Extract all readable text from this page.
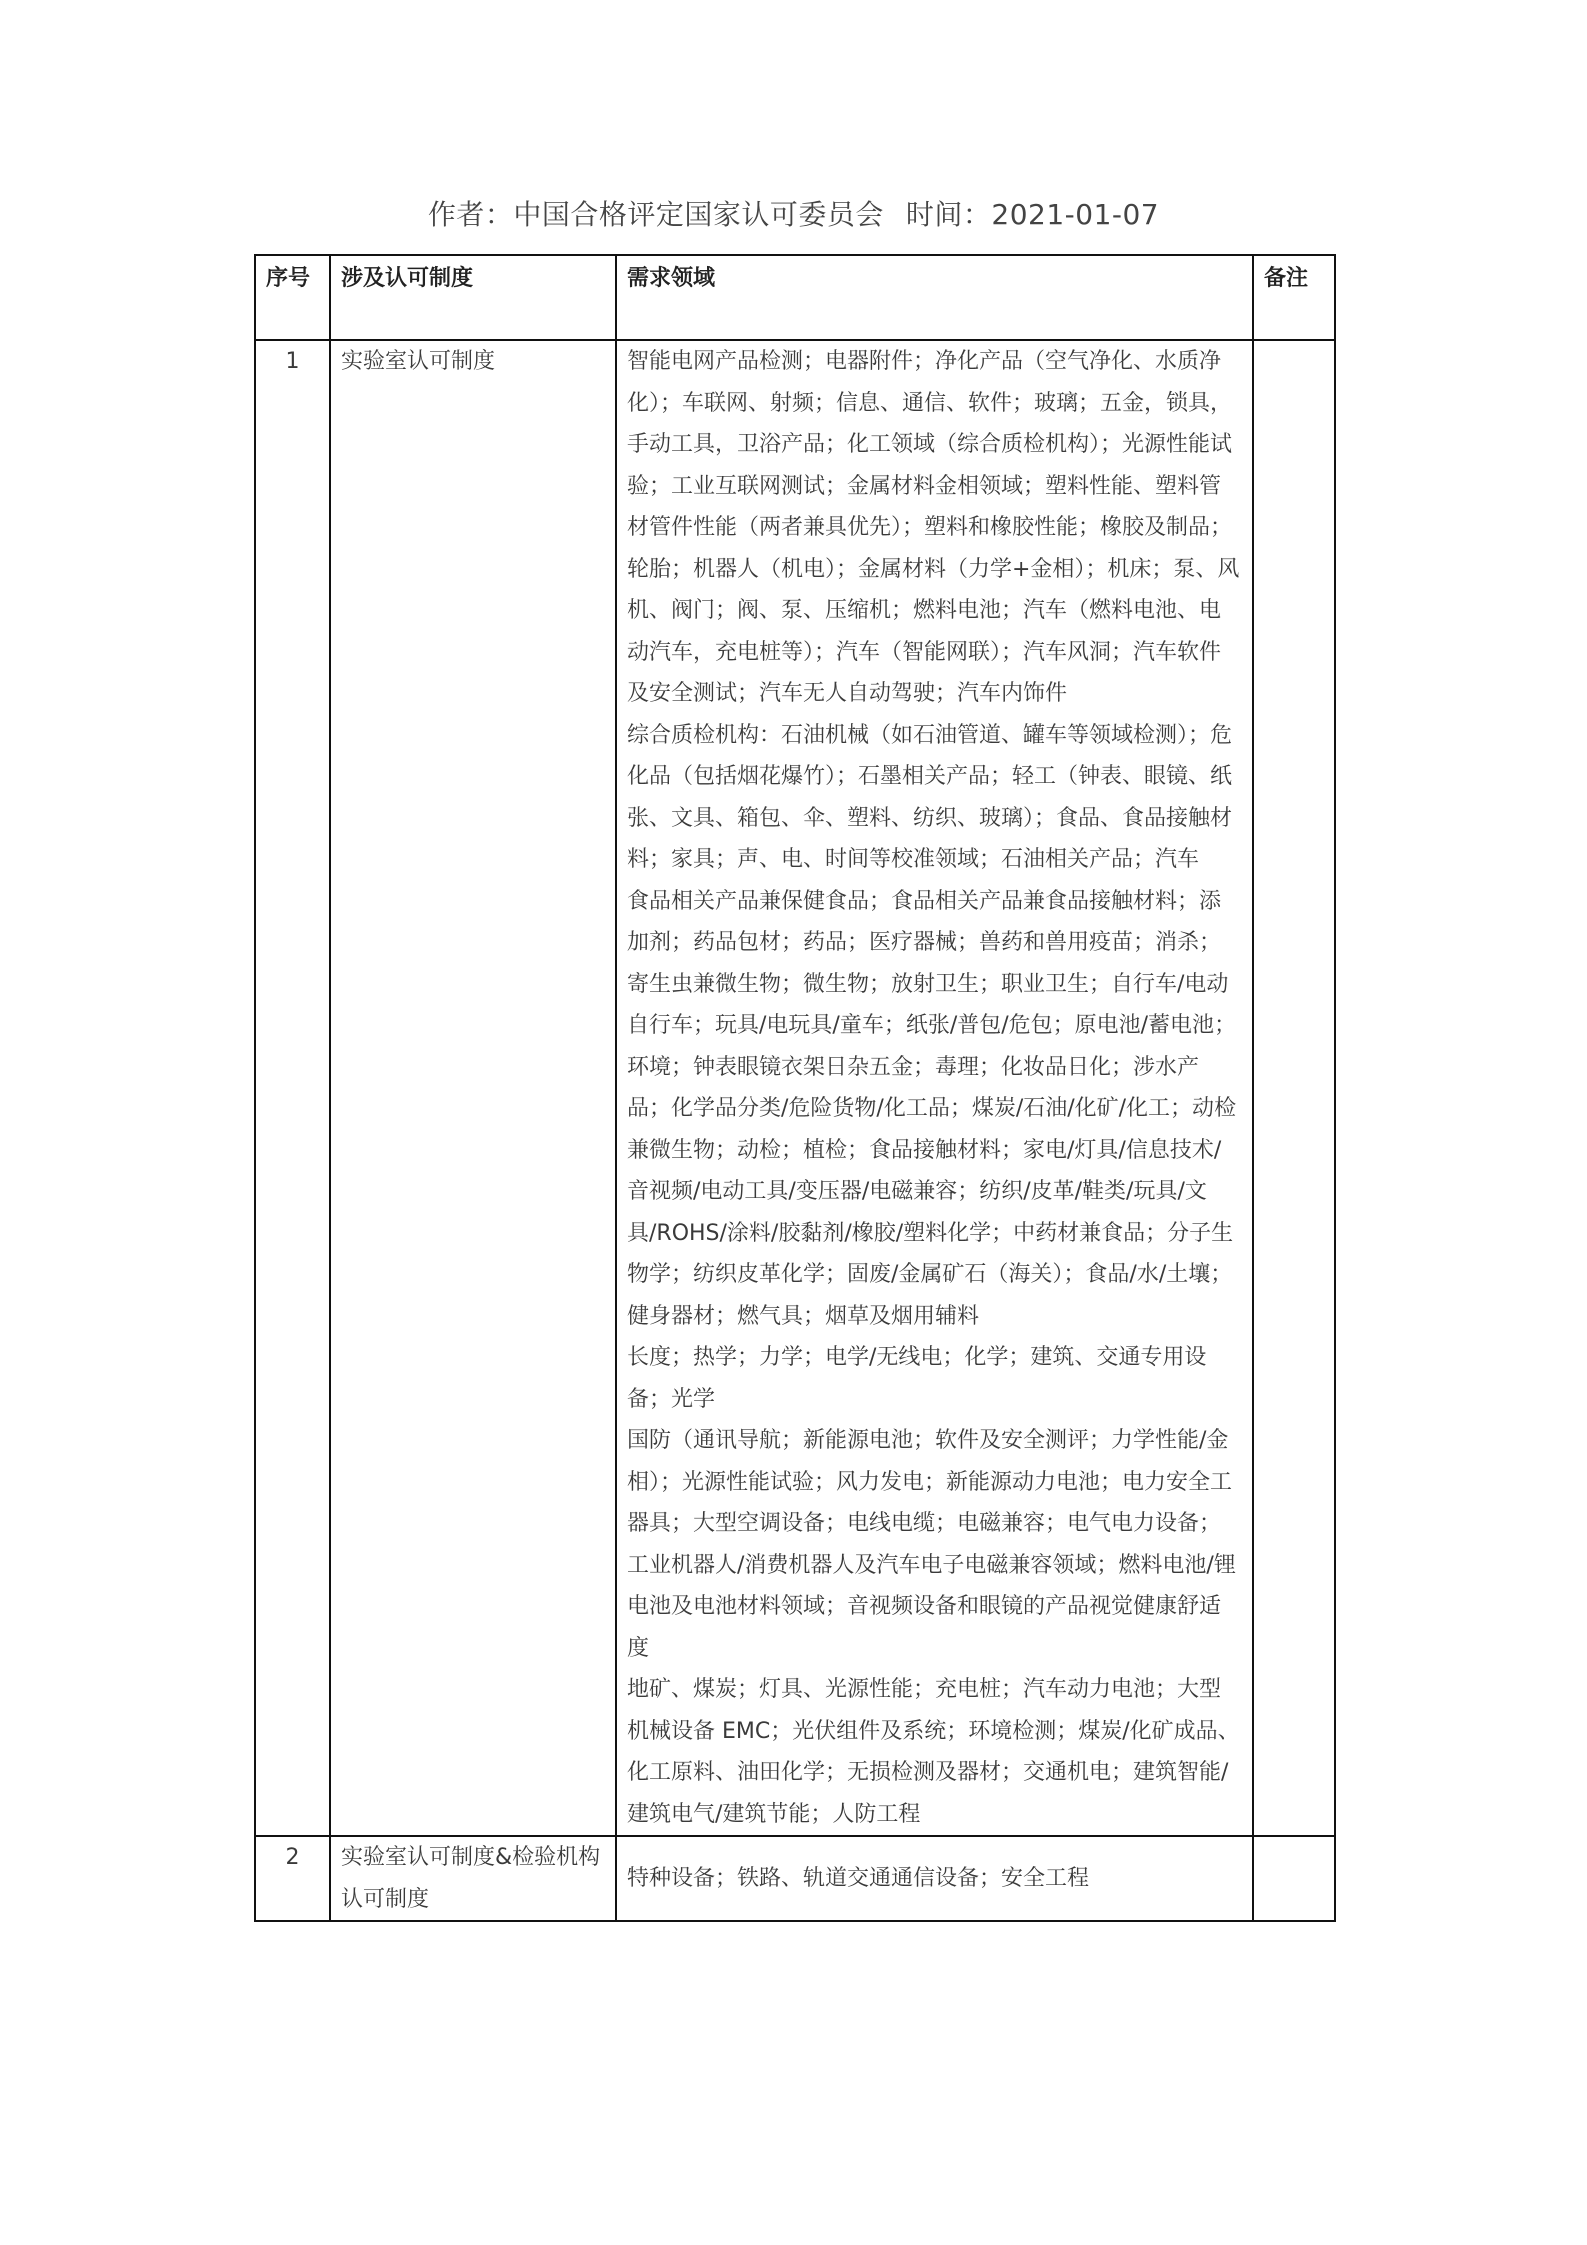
作者：中国合格评定国家认可委员会 时间：2021-01-07
序号	涉及认可制度	需求领域	备注
1	实验室认可制度	智能电网产品检测；电器附件；净化产品（空气净化、水质净化）；车联网、射频；信息、通信、软件；玻璃；五金，锁具，手动工具，卫浴产品；化工领域（综合质检机构）；光源性能试验；工业互联网测试；金属材料金相领域；塑料性能、塑料管材管件性能（两者兼具优先）；塑料和橡胶性能；橡胶及制品；轮胎；机器人（机电）；金属材料（力学+金相）；机床；泵、风机、阀门；阀、泵、压缩机；燃料电池；汽车（燃料电池、电动汽车，充电桩等）；汽车（智能网联）；汽车风洞；汽车软件及安全测试；汽车无人自动驾驶；汽车内饰件
综合质检机构：石油机械（如石油管道、罐车等领域检测）；危化品（包括烟花爆竹）；石墨相关产品；轻工（钟表、眼镜、纸张、文具、箱包、伞、塑料、纺织、玻璃）；食品、食品接触材料；家具；声、电、时间等校准领域；石油相关产品；汽车
食品相关产品兼保健食品；食品相关产品兼食品接触材料；添加剂；药品包材；药品；医疗器械；兽药和兽用疫苗；消杀；寄生虫兼微生物；微生物；放射卫生；职业卫生；自行车/电动自行车；玩具/电玩具/童车；纸张/普包/危包；原电池/蓄电池；环境；钟表眼镜衣架日杂五金；毒理；化妆品日化；涉水产品；化学品分类/危险货物/化工品；煤炭/石油/化矿/化工；动检兼微生物；动检；植检；食品接触材料；家电/灯具/信息技术/音视频/电动工具/变压器/电磁兼容；纺织/皮革/鞋类/玩具/文具/ROHS/涂料/胶黏剂/橡胶/塑料化学；中药材兼食品；分子生物学；纺织皮革化学；固废/金属矿石（海关）；食品/水/土壤；健身器材；燃气具；烟草及烟用辅料
长度；热学；力学；电学/无线电；化学；建筑、交通专用设备；光学
国防（通讯导航；新能源电池；软件及安全测评；力学性能/金相）；光源性能试验；风力发电；新能源动力电池；电力安全工器具；大型空调设备；电线电缆；电磁兼容；电气电力设备；工业机器人/消费机器人及汽车电子电磁兼容领域；燃料电池/锂电池及电池材料领域；音视频设备和眼镜的产品视觉健康舒适度
地矿、煤炭；灯具、光源性能；充电桩；汽车动力电池；大型机械设备 EMC；光伏组件及系统；环境检测；煤炭/化矿成品、化工原料、油田化学；无损检测及器材；交通机电；建筑智能/建筑电气/建筑节能；人防工程

2	实验室认可制度&检验机构认可制度	特种设备；铁路、轨道交通通信设备；安全工程	
